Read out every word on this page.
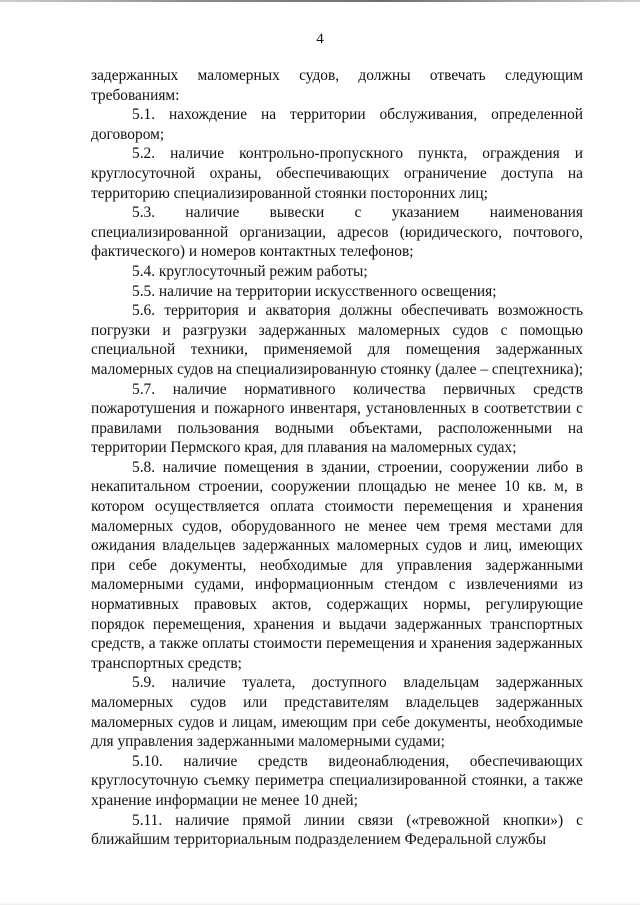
4

задержанных маломерных судов, должны отвечать следующим требованиям:

5.1. нахождение на территории обслуживания, определенной договором;

5.2. наличие контрольно-пропускного пункта, ограждения и круглосуточной охраны, обеспечивающих ограничение доступа на территорию специализированной стоянки посторонних лиц;

5.3. наличие вывески с указанием наименования специализированной организации, адресов (юридического, почтового, фактического) и номеров контактных телефонов;

5.4. круглосуточный режим работы;

5.5. наличие на территории искусственного освещения;

5.6. территория и акватория должны обеспечивать возможность погрузки и разгрузки задержанных маломерных судов с помощью специальной техники, применяемой для помещения задержанных маломерных судов на специализированную стоянку (далее – спецтехника);

5.7. наличие нормативного количества первичных средств пожаротушения и пожарного инвентаря, установленных в соответствии с правилами пользования водными объектами, расположенными на территории Пермского края, для плавания на маломерных судах;

5.8. наличие помещения в здании, строении, сооружении либо в некапитальном строении, сооружении площадью не менее 10 кв. м, в котором осуществляется оплата стоимости перемещения и хранения маломерных судов, оборудованного не менее чем тремя местами для ожидания владельцев задержанных маломерных судов и лиц, имеющих при себе документы, необходимые для управления задержанными маломерными судами, информационным стендом с извлечениями из нормативных правовых актов, содержащих нормы, регулирующие порядок перемещения, хранения и выдачи задержанных транспортных средств, а также оплаты стоимости перемещения и хранения задержанных транспортных средств;

5.9. наличие туалета, доступного владельцам задержанных маломерных судов или представителям владельцев задержанных маломерных судов и лицам, имеющим при себе документы, необходимые для управления задержанными маломерными судами;

5.10. наличие средств видеонаблюдения, обеспечивающих круглосуточную съемку периметра специализированной стоянки, а также хранение информации не менее 10 дней;

5.11. наличие прямой линии связи («тревожной кнопки») с ближайшим территориальным подразделением Федеральной службы
